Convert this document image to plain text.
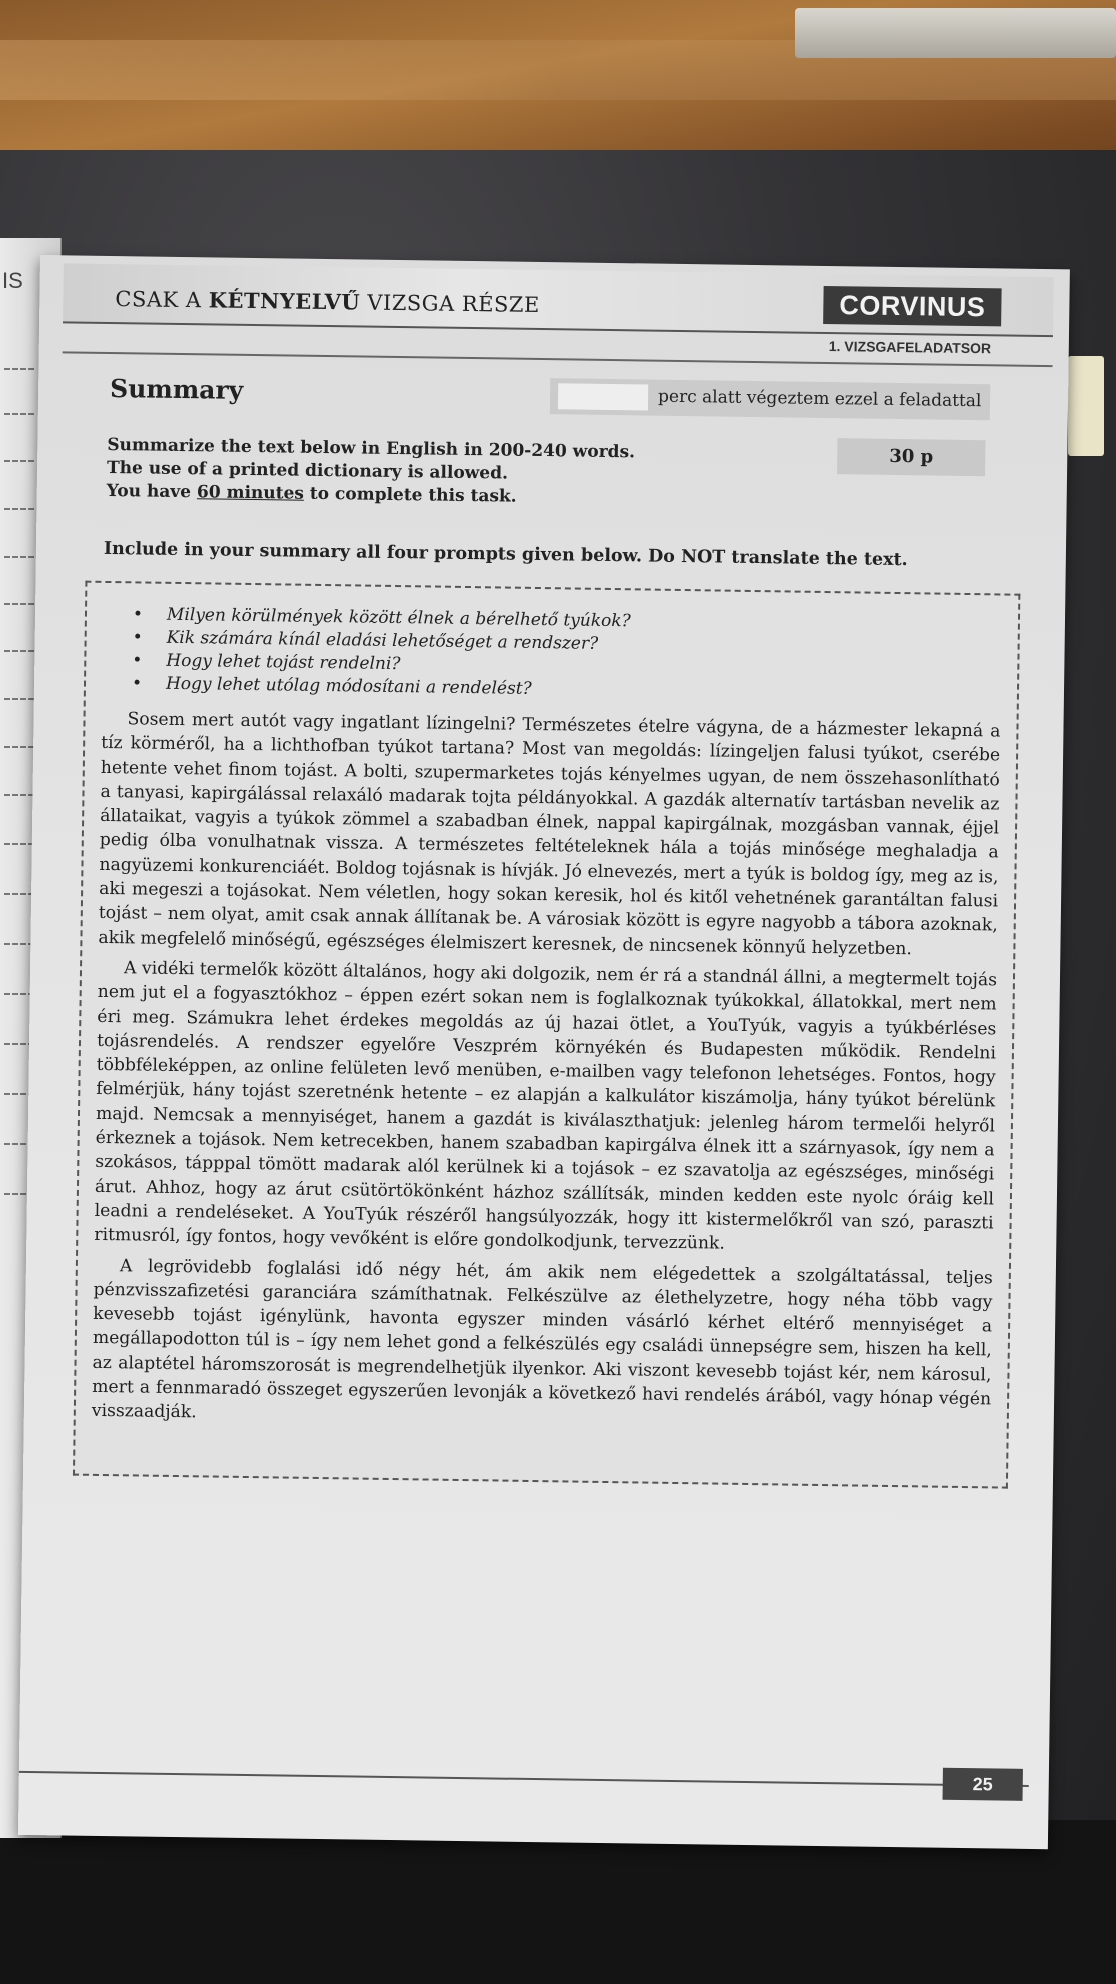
IS
CSAK A KÉTNYELVŰ VIZSGA RÉSZE	CORVINUS
1. VIZSGAFELADATSOR
Summary	perc alatt végeztem ezzel a feladattal
30 p
Summarize the text below in English in 200-240 words.
The use of a printed dictionary is allowed.
You have 60 minutes to complete this task.
Include in your summary all four prompts given below. Do NOT translate the text.
• Milyen körülmények között élnek a bérelhető tyúkok?
• Kik számára kínál eladási lehetőséget a rendszer?
• Hogy lehet tojást rendelni?
• Hogy lehet utólag módosítani a rendelést?

Sosem mert autót vagy ingatlant lízingelni? Természetes ételre vágyna, de a házmester lekapná a tíz körméről, ha a lichthofban tyúkot tartana? Most van megoldás: lízingeljen falusi tyúkot, cserébe hetente vehet finom tojást. A bolti, szupermarketes tojás kényelmes ugyan, de nem összehasonlítható a tanyasi, kapirgálással relaxáló madarak tojta példányokkal. A gazdák alternatív tartásban nevelik az állataikat, vagyis a tyúkok zömmel a szabadban élnek, nappal kapirgálnak, mozgásban vannak, éjjel pedig ólba vonulhatnak vissza. A természetes feltételeknek hála a tojás minősége meghaladja a nagyüzemi konkurenciáét. Boldog tojásnak is hívják. Jó elnevezés, mert a tyúk is boldog így, meg az is, aki megeszi a tojásokat. Nem véletlen, hogy sokan keresik, hol és kitől vehetnének garantáltan falusi tojást – nem olyat, amit csak annak állítanak be. A városiak között is egyre nagyobb a tábora azoknak, akik megfelelő minőségű, egészséges élelmiszert keresnek, de nincsenek könnyű helyzetben.

A vidéki termelők között általános, hogy aki dolgozik, nem ér rá a standnál állni, a megtermelt tojás nem jut el a fogyasztókhoz – éppen ezért sokan nem is foglalkoznak tyúkokkal, állatokkal, mert nem éri meg. Számukra lehet érdekes megoldás az új hazai ötlet, a YouTyúk, vagyis a tyúkbérléses tojásrendelés. A rendszer egyelőre Veszprém környékén és Budapesten működik. Rendelni többféleképpen, az online felületen levő menüben, e-mailben vagy telefonon lehetséges. Fontos, hogy felmérjük, hány tojást szeretnénk hetente – ez alapján a kalkulátor kiszámolja, hány tyúkot bérelünk majd. Nemcsak a mennyiséget, hanem a gazdát is kiválaszthatjuk: jelenleg három termelői helyről érkeznek a tojások. Nem ketrecekben, hanem szabadban kapirgálva élnek itt a szárnyasok, így nem a szokásos, tápppal tömött madarak alól kerülnek ki a tojások – ez szavatolja az egészséges, minőségi árut. Ahhoz, hogy az árut csütörtökönként házhoz szállítsák, minden kedden este nyolc óráig kell leadni a rendeléseket. A YouTyúk részéről hangsúlyozzák, hogy itt kistermelőkről van szó, paraszti ritmusról, így fontos, hogy vevőként is előre gondolkodjunk, tervezzünk.

A legrövidebb foglalási idő négy hét, ám akik nem elégedettek a szolgáltatással, teljes pénzvisszafizetési garanciára számíthatnak. Felkészülve az élethelyzetre, hogy néha több vagy kevesebb tojást igénylünk, havonta egyszer minden vásárló kérhet eltérő mennyiséget a megállapodotton túl is – így nem lehet gond a felkészülés egy családi ünnepségre sem, hiszen ha kell, az alaptétel háromszorosát is megrendelhetjük ilyenkor. Aki viszont kevesebb tojást kér, nem károsul, mert a fennmaradó összeget egyszerűen levonják a következő havi rendelés árából, vagy hónap végén visszaadják.

25
